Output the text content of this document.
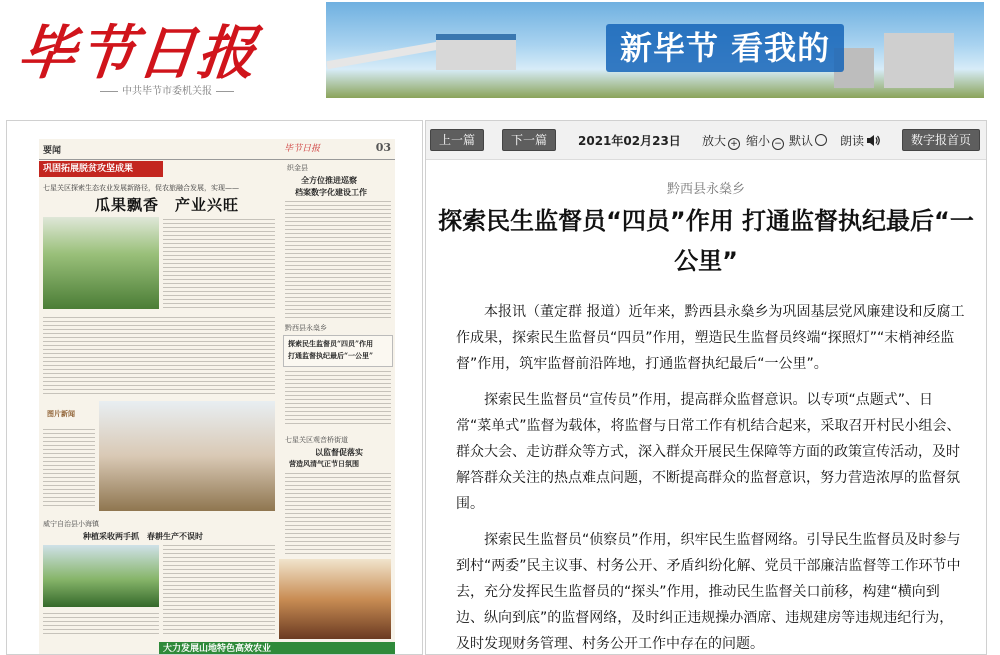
毕节日报
中共毕节市委机关报
新毕节 看我的
要闻	毕节日报	03
巩固拓展脱贫攻坚成果
七星关区探索生态农业发展新路径，促农旅融合发展，实现——
瓜果飘香　产业兴旺
织金县
全方位推进巡察
档案数字化建设工作
黔西县永燊乡
探索民生监督员“四员”作用
打通监督执纪最后“一公里”
图片新闻
七星关区观音桥街道
以监督促落实
营造风清气正节日氛围
威宁自治县小海镇
种植采收两手抓　春耕生产不误时
大力发展山地特色高效农业
上一篇	下一篇	2021年02月23日 放大 + 缩小 − 默认	朗读	数字报首页
黔西县永燊乡
探索民生监督员“四员”作用 打通监督执纪最后“一公里”

本报讯（董定群 报道）近年来，黔西县永燊乡为巩固基层党风廉建设和反腐工作成果，探索民生监督员“四员”作用，塑造民生监督员终端“探照灯”“末梢神经监督”作用，筑牢监督前沿阵地，打通监督执纪最后“一公里”。

探索民生监督员“宣传员”作用，提高群众监督意识。以专项“点题式”、日常“菜单式”监督为载体，将监督与日常工作有机结合起来，采取召开村民小组会、群众大会、走访群众等方式，深入群众开展民生保障等方面的政策宣传活动，及时解答群众关注的热点难点问题，不断提高群众的监督意识，努力营造浓厚的监督氛围。

探索民生监督员“侦察员”作用，织牢民生监督网络。引导民生监督员及时参与到村“两委”民主议事、村务公开、矛盾纠纷化解、党员干部廉洁监督等工作环节中去，充分发挥民生监督员的“探头”作用，推动民生监督关口前移，构建“横向到边、纵向到底”的监督网络，及时纠正违规操办酒席、违规建房等违规违纪行为，及时发现财务管理、村务公开工作中存在的问题。
